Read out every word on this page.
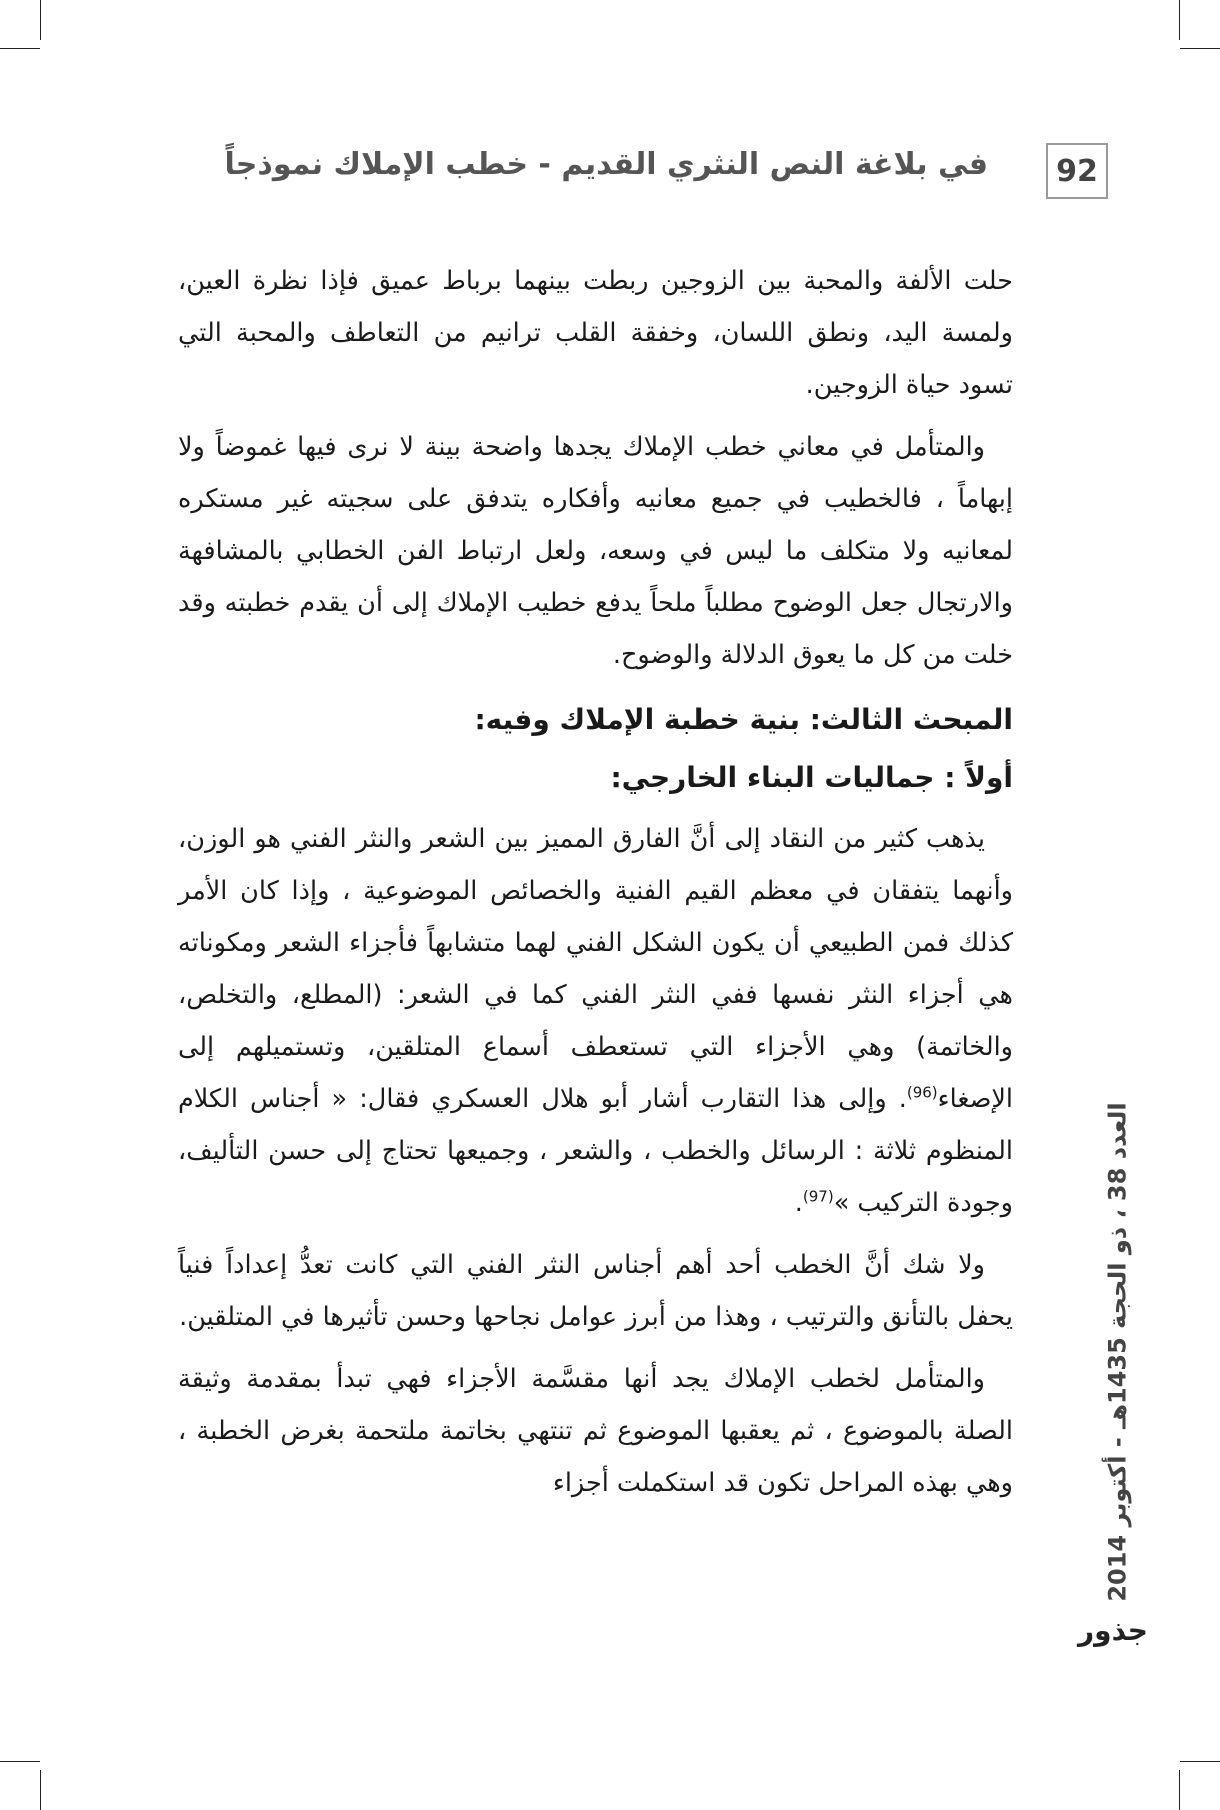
92
في بلاغة النص النثري القديم - خطب الإملاك نموذجاً

حلت الألفة والمحبة بين الزوجين ربطت بينهما برباط عميق فإذا نظرة العين، ولمسة اليد، ونطق اللسان، وخفقة القلب ترانيم من التعاطف والمحبة التي تسود حياة الزوجين.

والمتأمل في معاني خطب الإملاك يجدها واضحة بينة لا نرى فيها غموضاً ولا إبهاماً ، فالخطيب في جميع معانيه وأفكاره يتدفق على سجيته غير مستكره لمعانيه ولا متكلف ما ليس في وسعه، ولعل ارتباط الفن الخطابي بالمشافهة والارتجال جعل الوضوح مطلباً ملحاً يدفع خطيب الإملاك إلى أن يقدم خطبته وقد خلت من كل ما يعوق الدلالة والوضوح.

المبحث الثالث: بنية خطبة الإملاك وفيه:
أولاً : جماليات البناء الخارجي:

يذهب كثير من النقاد إلى أنَّ الفارق المميز بين الشعر والنثر الفني هو الوزن، وأنهما يتفقان في معظم القيم الفنية والخصائص الموضوعية ، وإذا كان الأمر كذلك فمن الطبيعي أن يكون الشكل الفني لهما متشابهاً فأجزاء الشعر ومكوناته هي أجزاء النثر نفسها ففي النثر الفني كما في الشعر: (المطلع، والتخلص، والخاتمة) وهي الأجزاء التي تستعطف أسماع المتلقين، وتستميلهم إلى الإصغاء$^{(96)}$. وإلى هذا التقارب أشار أبو هلال العسكري فقال: « أجناس الكلام المنظوم ثلاثة : الرسائل والخطب ، والشعر ، وجميعها تحتاج إلى حسن التأليف، وجودة التركيب »$^{(97)}$.

ولا شك أنَّ الخطب أحد أهم أجناس النثر الفني التي كانت تعدُّ إعداداً فنياً يحفل بالتأنق والترتيب ، وهذا من أبرز عوامل نجاحها وحسن تأثيرها في المتلقين.

والمتأمل لخطب الإملاك يجد أنها مقسَّمة الأجزاء فهي تبدأ بمقدمة وثيقة الصلة بالموضوع ، ثم يعقبها الموضوع ثم تنتهي بخاتمة ملتحمة بغرض الخطبة ، وهي بهذه المراحل تكون قد استكملت أجزاء

العدد 38 ، ذو الحجة 1435هـ - أكتوبر 2014
جذور
